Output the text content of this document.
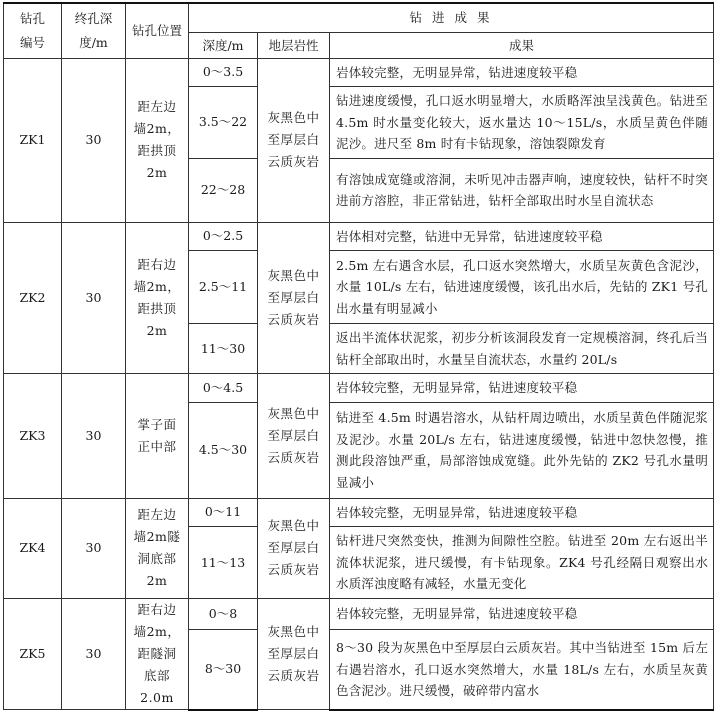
钻孔编号	终孔深度/m	钻孔位置	钻 进 成 果		
			深度/m	地层岩性	成果
ZK1	30	距左边墙2m，距拱顶2m	0～3.5	灰黑色中至厚层白云质灰岩	岩体较完整，无明显异常，钻进速度较平稳
			3.5～22		钻进速度缓慢，孔口返水明显增大，水质略浑浊呈浅黄色。钻进至 4.5m 时水量变化较大，返水量达 10～15L/s，水质呈黄色伴随泥沙。进尺至 8m 时有卡钻现象，溶蚀裂隙发育
			22～28		有溶蚀成宽缝或溶洞，未听见冲击器声响，速度较快，钻杆不时突进前方溶腔，非正常钻进，钻杆全部取出时水呈自流状态
ZK2	30	距右边墙2m，距拱顶2m	0～2.5	灰黑色中至厚层白云质灰岩	岩体相对完整，钻进中无异常，钻进速度较平稳
			2.5～11		2.5m 左右遇含水层，孔口返水突然增大，水质呈灰黄色含泥沙，水量 10L/s 左右，钻进速度缓慢，该孔出水后，先钻的 ZK1 号孔出水量有明显减小
			11～30		返出半流体状泥浆，初步分析该洞段发育一定规模溶洞，终孔后当钻杆全部取出时，水量呈自流状态，水量约 20L/s
ZK3	30	掌子面正中部	0～4.5	灰黑色中至厚层白云质灰岩	岩体较完整，无明显异常，钻进速度较平稳
			4.5～30		钻进至 4.5m 时遇岩溶水，从钻杆周边喷出，水质呈黄色伴随泥浆及泥沙。水量 20L/s 左右，钻进速度缓慢，钻进中忽快忽慢，推测此段溶蚀严重，局部溶蚀成宽缝。此外先钻的 ZK2 号孔水量明显减小
ZK4	30	距左边墙2m隧洞底部2m	0～11	灰黑色中至厚层白云质灰岩	岩体较完整，无明显异常，钻进速度较平稳
			11～13		钻杆进尺突然变快，推测为间隙性空腔。钻进至 20m 左右返出半流体状泥浆，进尺缓慢，有卡钻现象。ZK4 号孔经隔日观察出水水质浑浊度略有减轻，水量无变化
ZK5	30	距右边墙2m，距隧洞底部2.0m	0～8	灰黑色中至厚层白云质灰岩	岩体较完整，无明显异常，钻进速度较平稳
			8～30		8～30 段为灰黑色中至厚层白云质灰岩。其中当钻进至 15m 后左右遇岩溶水，孔口返水突然增大，水量 18L/s 左右，水质呈灰黄色含泥沙。进尺缓慢，破碎带内富水
